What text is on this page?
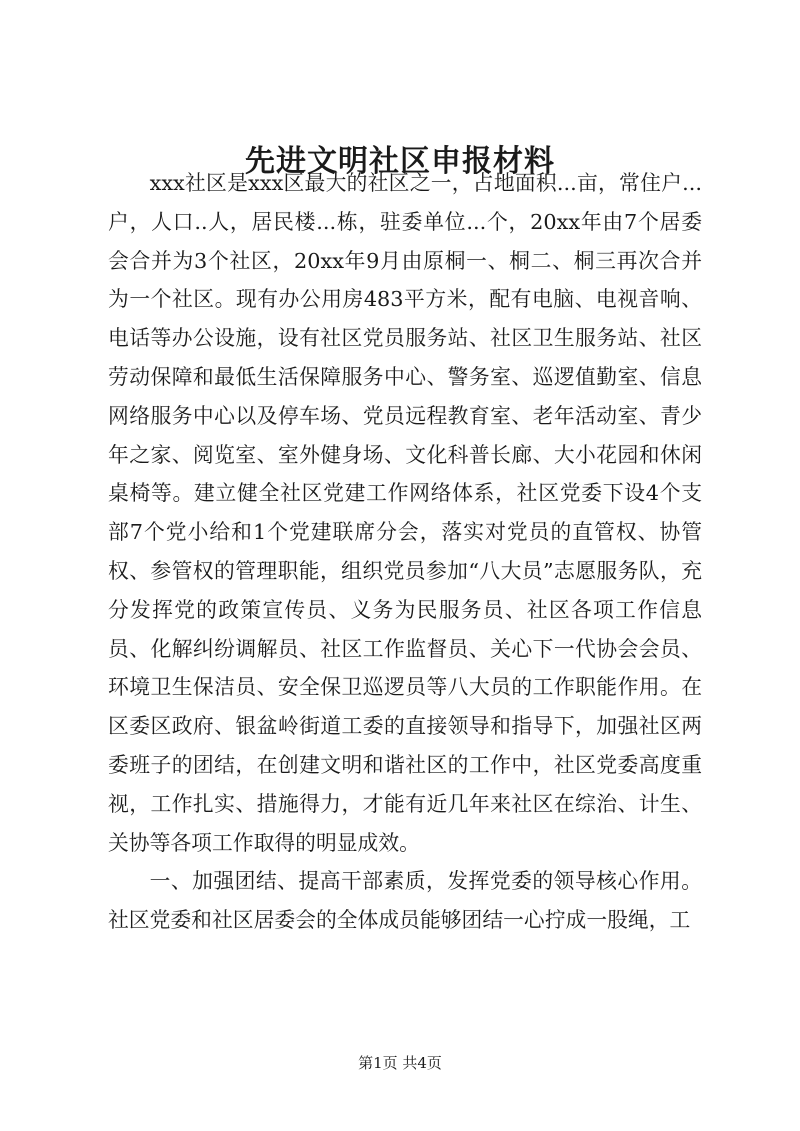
先进文明社区申报材料

xxx社区是xxx区最大的社区之一，占地面积...亩，常住户...户，人口..人，居民楼...栋，驻委单位...个，20xx年由7个居委会合并为3个社区，20xx年9月由原桐一、桐二、桐三再次合并为一个社区。现有办公用房483平方米，配有电脑、电视音响、电话等办公设施，设有社区党员服务站、社区卫生服务站、社区劳动保障和最低生活保障服务中心、警务室、巡逻值勤室、信息网络服务中心以及停车场、党员远程教育室、老年活动室、青少年之家、阅览室、室外健身场、文化科普长廊、大小花园和休闲桌椅等。建立健全社区党建工作网络体系，社区党委下设4个支部7个党小给和1个党建联席分会，落实对党员的直管权、协管权、参管权的管理职能，组织党员参加“八大员”志愿服务队，充分发挥党的政策宣传员、义务为民服务员、社区各项工作信息员、化解纠纷调解员、社区工作监督员、关心下一代协会会员、环境卫生保洁员、安全保卫巡逻员等八大员的工作职能作用。在区委区政府、银盆岭街道工委的直接领导和指导下，加强社区两委班子的团结，在创建文明和谐社区的工作中，社区党委高度重视，工作扎实、措施得力，才能有近几年来社区在综治、计生、关协等各项工作取得的明显成效。

一、加强团结、提高干部素质，发挥党委的领导核心作用。社区党委和社区居委会的全体成员能够团结一心拧成一股绳，工

第1页 共4页
